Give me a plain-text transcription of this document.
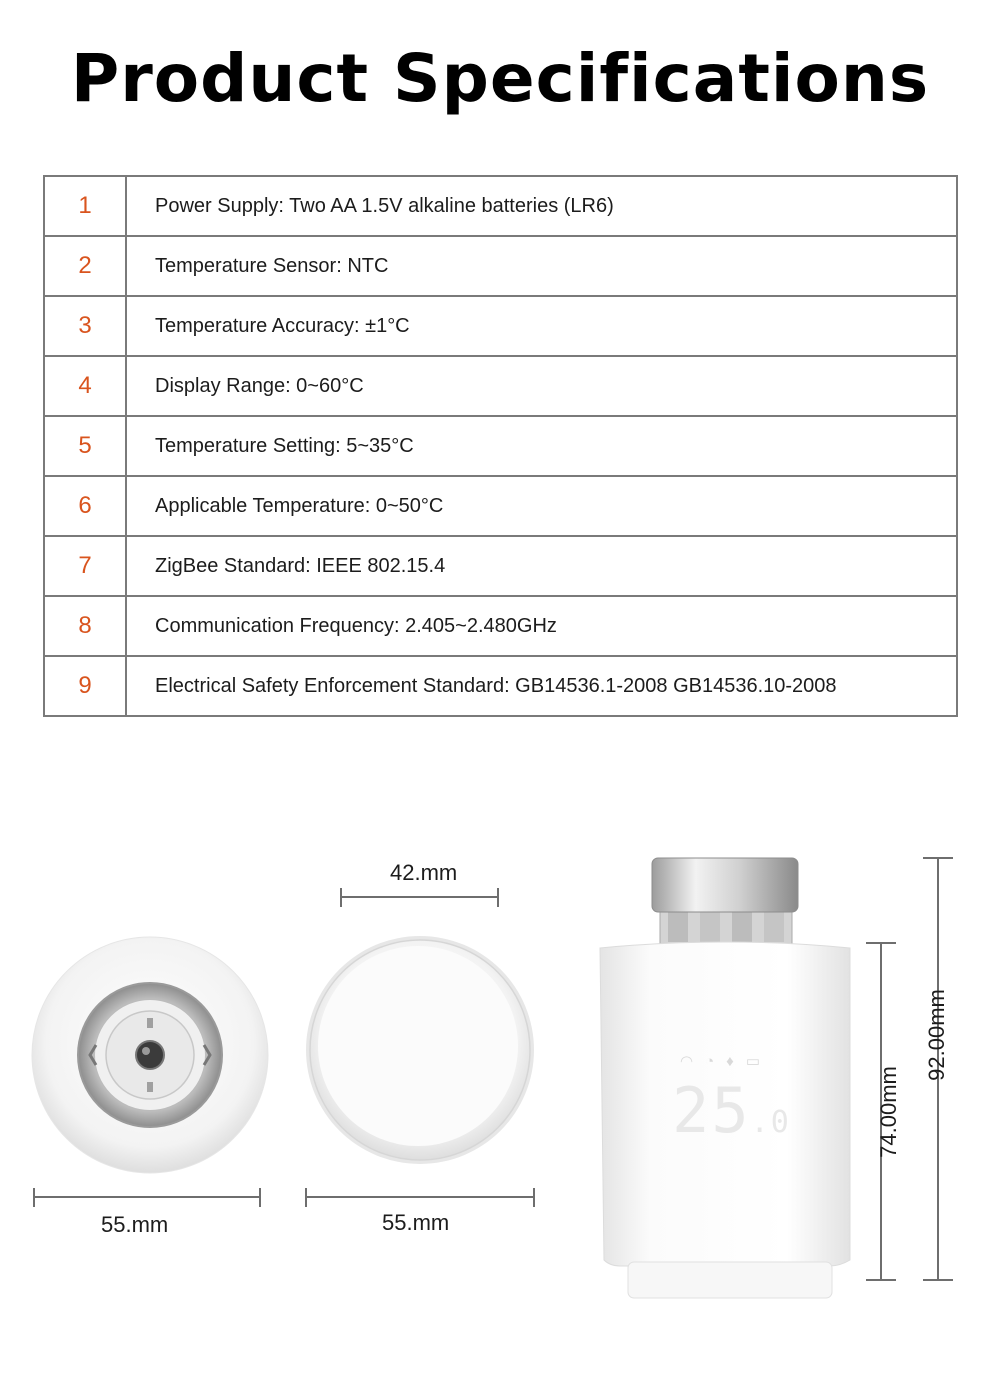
Product Specifications
1	Power Supply: Two AA 1.5V alkaline batteries (LR6)
2	Temperature Sensor: NTC
3	Temperature Accuracy: ±1°C
4	Display Range: 0~60°C
5	Temperature Setting: 5~35°C
6	Applicable Temperature: 0~50°C
7	ZigBee Standard: IEEE 802.15.4
8	Communication Frequency: 2.405~2.480GHz
9	Electrical Safety Enforcement Standard: GB14536.1-2008 GB14536.10-2008
◠◔♦▭
25.0
42.mm
55.mm	55.mm
74.00mm
92.00mm
